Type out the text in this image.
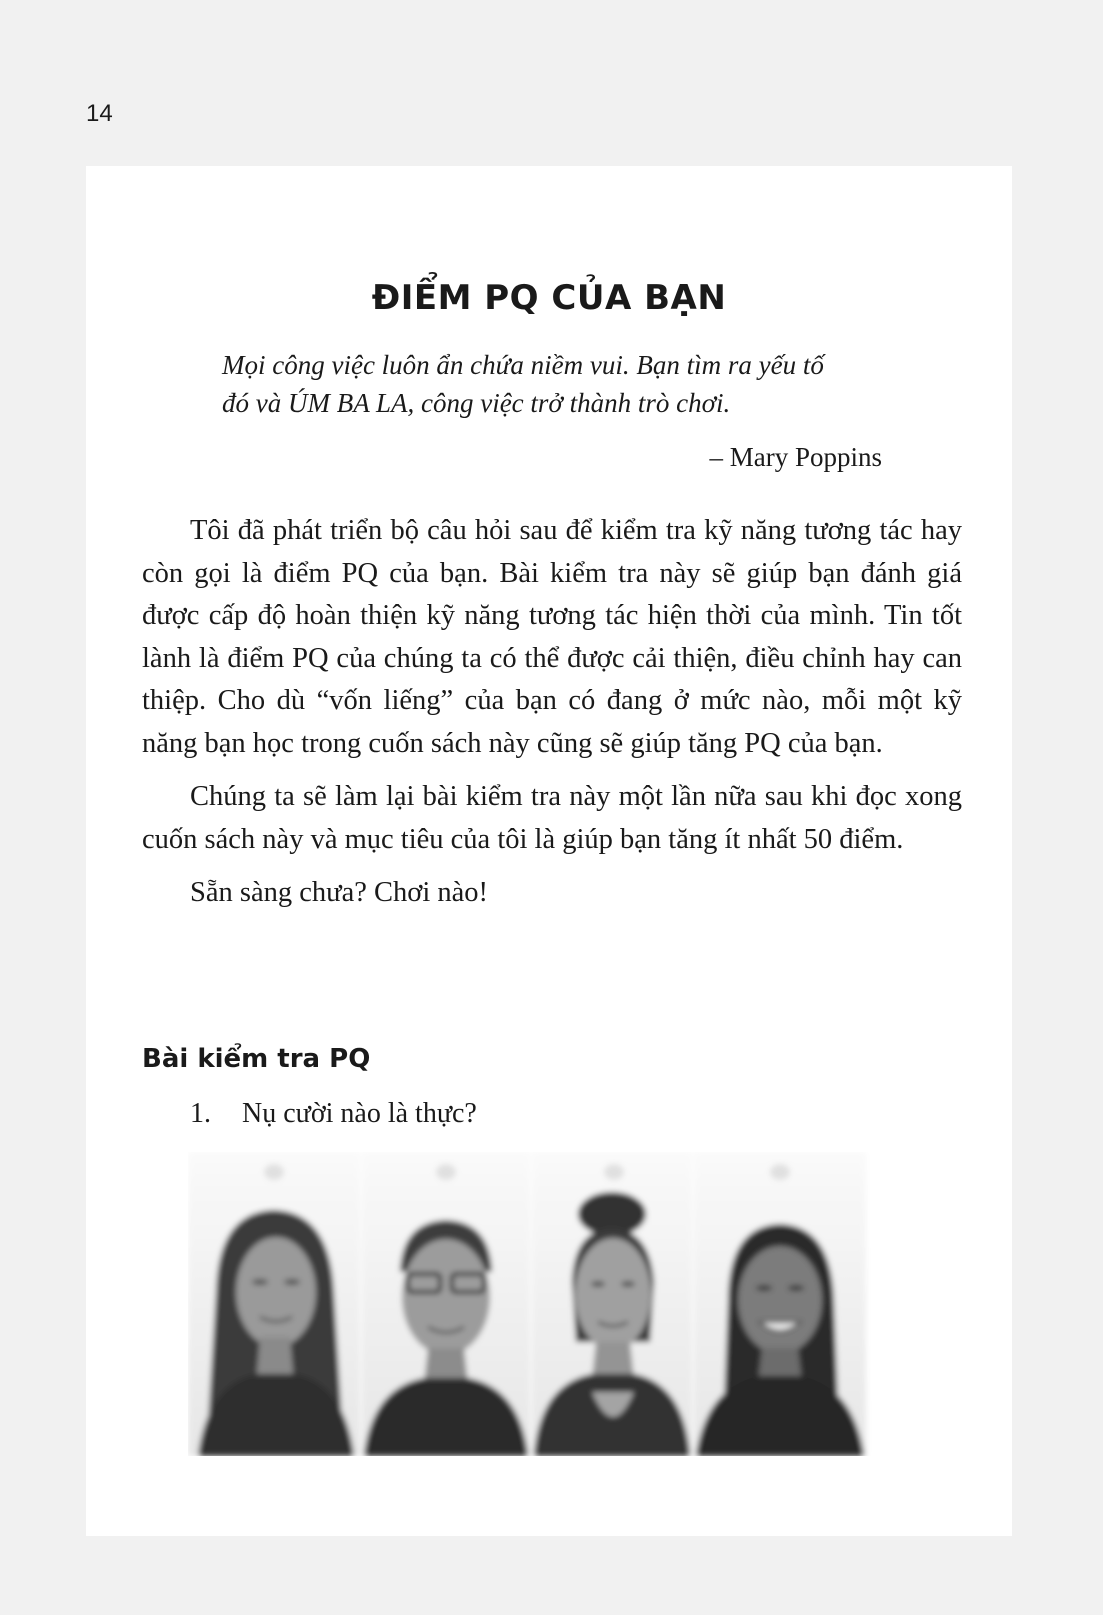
14
ĐIỂM PQ CỦA BẠN

Mọi công việc luôn ẩn chứa niềm vui. Bạn tìm ra yếu tố

đó và ÚM BA LA, công việc trở thành trò chơi.

– Mary Poppins

Tôi đã phát triển bộ câu hỏi sau để kiểm tra kỹ năng tương tác hay còn gọi là điểm PQ của bạn. Bài kiểm tra này sẽ giúp bạn đánh giá được cấp độ hoàn thiện kỹ năng tương tác hiện thời của mình. Tin tốt lành là điểm PQ của chúng ta có thể được cải thiện, điều chỉnh hay can thiệp. Cho dù “vốn liếng” của bạn có đang ở mức nào, mỗi một kỹ năng bạn học trong cuốn sách này cũng sẽ giúp tăng PQ của bạn.

Chúng ta sẽ làm lại bài kiểm tra này một lần nữa sau khi đọc xong cuốn sách này và mục tiêu của tôi là giúp bạn tăng ít nhất 50 điểm.

Sẵn sàng chưa? Chơi nào!

Bài kiểm tra PQ
1. Nụ cười nào là thực?
